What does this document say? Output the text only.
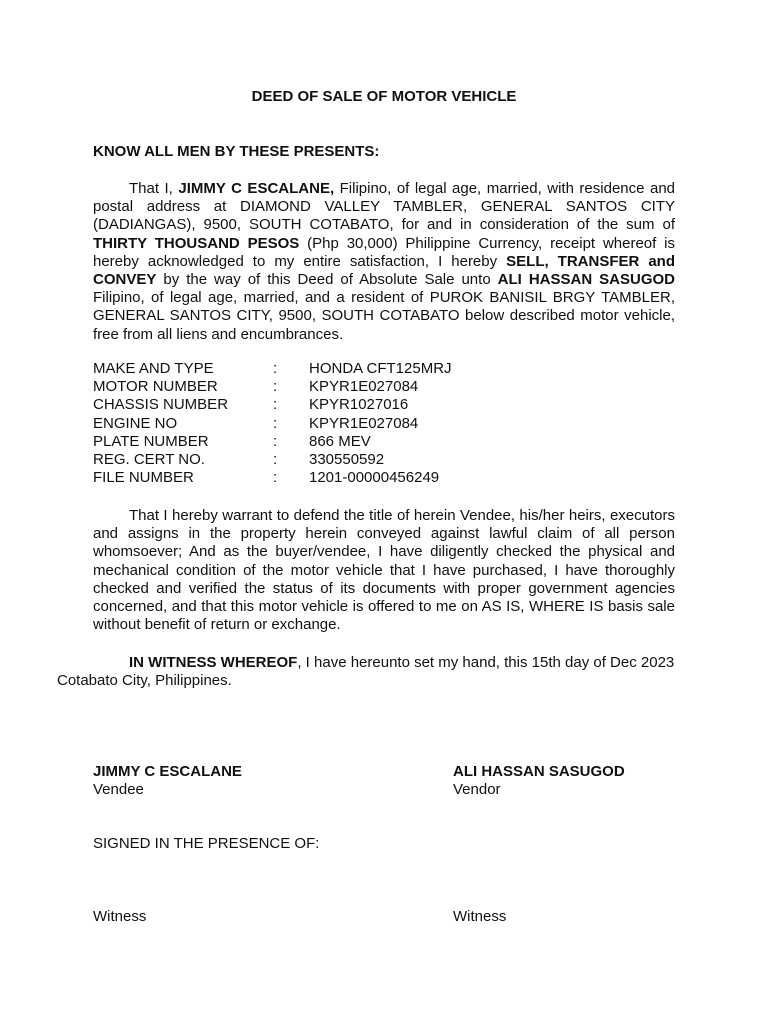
DEED OF SALE OF MOTOR VEHICLE
KNOW ALL MEN BY THESE PRESENTS:
That I, JIMMY C ESCALANE, Filipino, of legal age, married, with residence and postal address at DIAMOND VALLEY TAMBLER, GENERAL SANTOS CITY (DADIANGAS), 9500, SOUTH COTABATO, for and in consideration of the sum of THIRTY THOUSAND PESOS (Php 30,000) Philippine Currency, receipt whereof is hereby acknowledged to my entire satisfaction, I hereby SELL, TRANSFER and CONVEY by the way of this Deed of Absolute Sale unto ALI HASSAN SASUGOD Filipino, of legal age, married, and a resident of PUROK BANISIL BRGY TAMBLER, GENERAL SANTOS CITY, 9500, SOUTH COTABATO below described motor vehicle, free from all liens and encumbrances.
MAKE AND TYPE	:	HONDA CFT125MRJ
MOTOR NUMBER	:	KPYR1E027084
CHASSIS NUMBER	:	KPYR1027016
ENGINE NO	:	KPYR1E027084
PLATE NUMBER	:	866 MEV
REG. CERT NO.	:	330550592
FILE NUMBER	:	1201-00000456249
That I hereby warrant to defend the title of herein Vendee, his/her heirs, executors and assigns in the property herein conveyed against lawful claim of all person whomsoever; And as the buyer/vendee, I have diligently checked the physical and mechanical condition of the motor vehicle that I have purchased, I have thoroughly checked and verified the status of its documents with proper government agencies concerned, and that this motor vehicle is offered to me on AS IS, WHERE IS basis sale without benefit of return or exchange.
IN WITNESS WHEREOF, I have hereunto set my hand, this 15th day of Dec 2023
Cotabato City, Philippines.
JIMMY C ESCALANE
Vendee
ALI HASSAN SASUGOD
Vendor
SIGNED IN THE PRESENCE OF:
Witness	Witness
